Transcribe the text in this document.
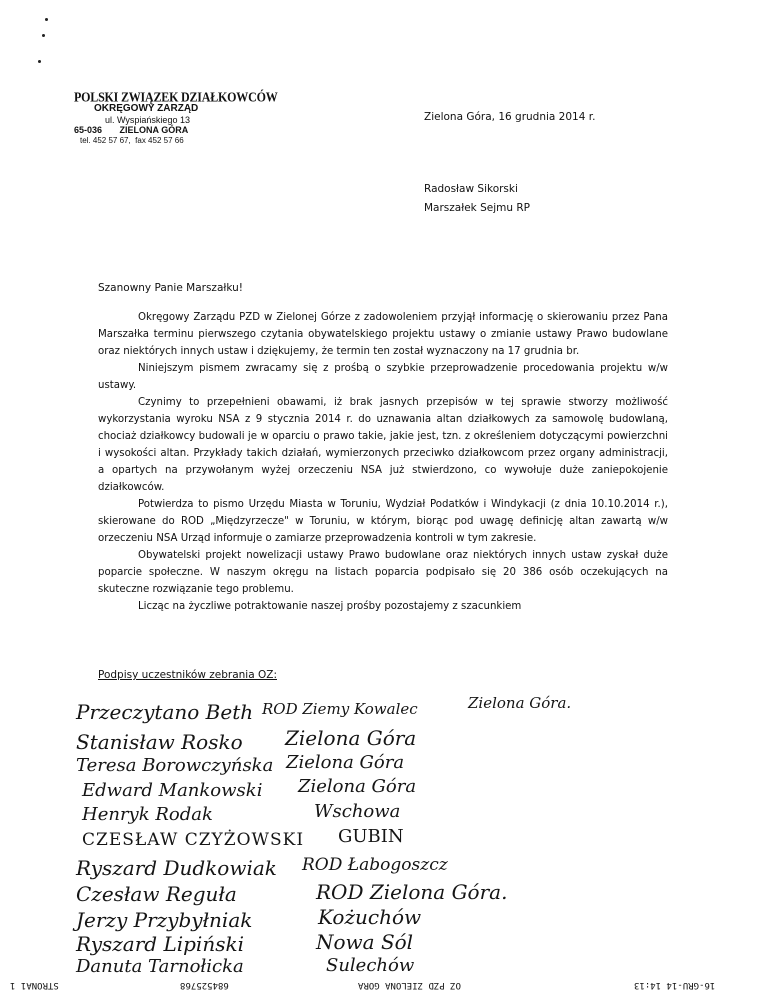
POLSKI ZWIĄZEK DZIAŁKOWCÓW
OKRĘGOWY ZARZĄD
ul. Wyspiańskiego 13
65-036       ZIELONA GÓRA
tel. 452 57 67,  fax 452 57 66
Zielona Góra, 16 grudnia 2014 r.
Radosław Sikorski
Marszałek Sejmu RP
Szanowny Panie Marszałku!

Okręgowy Zarządu PZD w Zielonej Górze z zadowoleniem przyjął informację o skierowaniu przez Pana Marszałka terminu pierwszego czytania obywatelskiego projektu ustawy o zmianie ustawy Prawo budowlane oraz niektórych innych ustaw i dziękujemy, że termin ten został wyznaczony na 17 grudnia br.

Niniejszym pismem zwracamy się z prośbą o szybkie przeprowadzenie procedowania projektu w/w ustawy.

Czynimy to przepełnieni obawami, iż brak jasnych przepisów w tej sprawie stworzy możliwość wykorzystania wyroku NSA z 9 stycznia 2014 r. do uznawania altan działkowych za samowolę budowlaną, chociaż działkowcy budowali je w oparciu o prawo takie, jakie jest, tzn. z określeniem dotyczącymi powierzchni i wysokości altan. Przykłady takich działań, wymierzonych przeciwko działkowcom przez organy administracji, a opartych na przywołanym wyżej orzeczeniu NSA już stwierdzono, co wywołuje duże zaniepokojenie działkowców.

Potwierdza to pismo Urzędu Miasta w Toruniu, Wydział Podatków i Windykacji (z dnia 10.10.2014 r.), skierowane do ROD „Międzyrzecze" w Toruniu, w którym, biorąc pod uwagę definicję altan zawartą w/w orzeczeniu NSA Urząd informuje o zamiarze przeprowadzenia kontroli w tym zakresie.

Obywatelski projekt nowelizacji ustawy Prawo budowlane oraz niektórych innych ustaw zyskał duże poparcie społeczne. W naszym okręgu na listach poparcia podpisało się 20 386 osób oczekujących na skuteczne rozwiązanie tego problemu.

Licząc na życzliwe potraktowanie naszej prośby pozostajemy z szacunkiem

Podpisy uczestników zebrania OZ:
Przeczytano Beth ROD Ziemy Kowalec	Zielona Góra.
Stanisław Rosko Zielona Góra
Teresa Borowczyńska Zielona Góra
Edward Mankowski Zielona Góra
Henryk Rodak	Wschowa
CZESŁAW CZYŻOWSKI GUBIN
Ryszard Dudkowiak ROD Łabogoszcz
Czesław Reguła	ROD Zielona Góra.
Jerzy Przybyłniak	Kożuchów
Ryszard Lipiński	Nowa Sól
Danuta Tarnołicka	Sulechów
STRONA1 1	684525768	OZ PZD ZIELONA GORA	16-GRU-14 14:13
